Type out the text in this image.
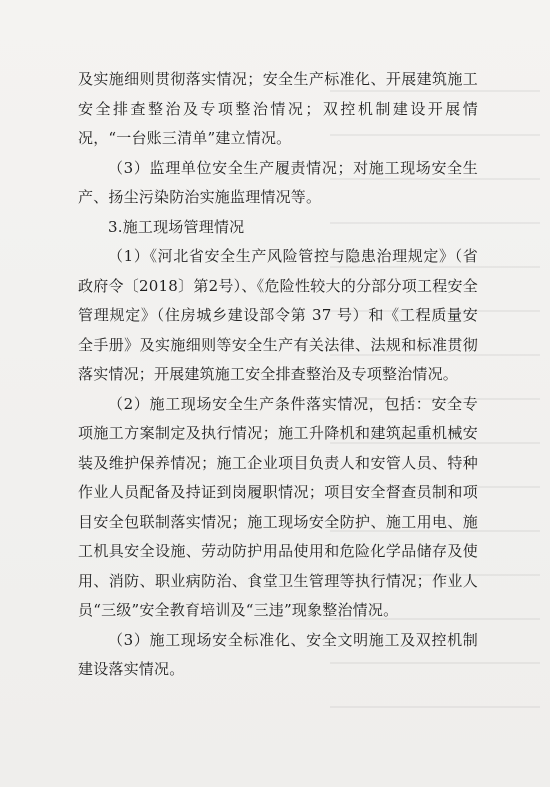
及实施细则贯彻落实情况；安全生产标准化、开展建筑施工安全排查整治及专项整治情况；双控机制建设开展情况，“一台账三清单”建立情况。

（3）监理单位安全生产履责情况；对施工现场安全生产、扬尘污染防治实施监理情况等。

3.施工现场管理情况

（1）《河北省安全生产风险管控与隐患治理规定》（省政府令〔2018〕第2号）、《危险性较大的分部分项工程安全管理规定》（住房城乡建设部令第 37 号）和《工程质量安全手册》及实施细则等安全生产有关法律、法规和标准贯彻落实情况；开展建筑施工安全排查整治及专项整治情况。

（2）施工现场安全生产条件落实情况，包括：安全专项施工方案制定及执行情况；施工升降机和建筑起重机械安装及维护保养情况；施工企业项目负责人和安管人员、特种作业人员配备及持证到岗履职情况；项目安全督查员制和项目安全包联制落实情况；施工现场安全防护、施工用电、施工机具安全设施、劳动防护用品使用和危险化学品储存及使用、消防、职业病防治、食堂卫生管理等执行情况；作业人员“三级”安全教育培训及“三违”现象整治情况。

（3）施工现场安全标准化、安全文明施工及双控机制建设落实情况。
